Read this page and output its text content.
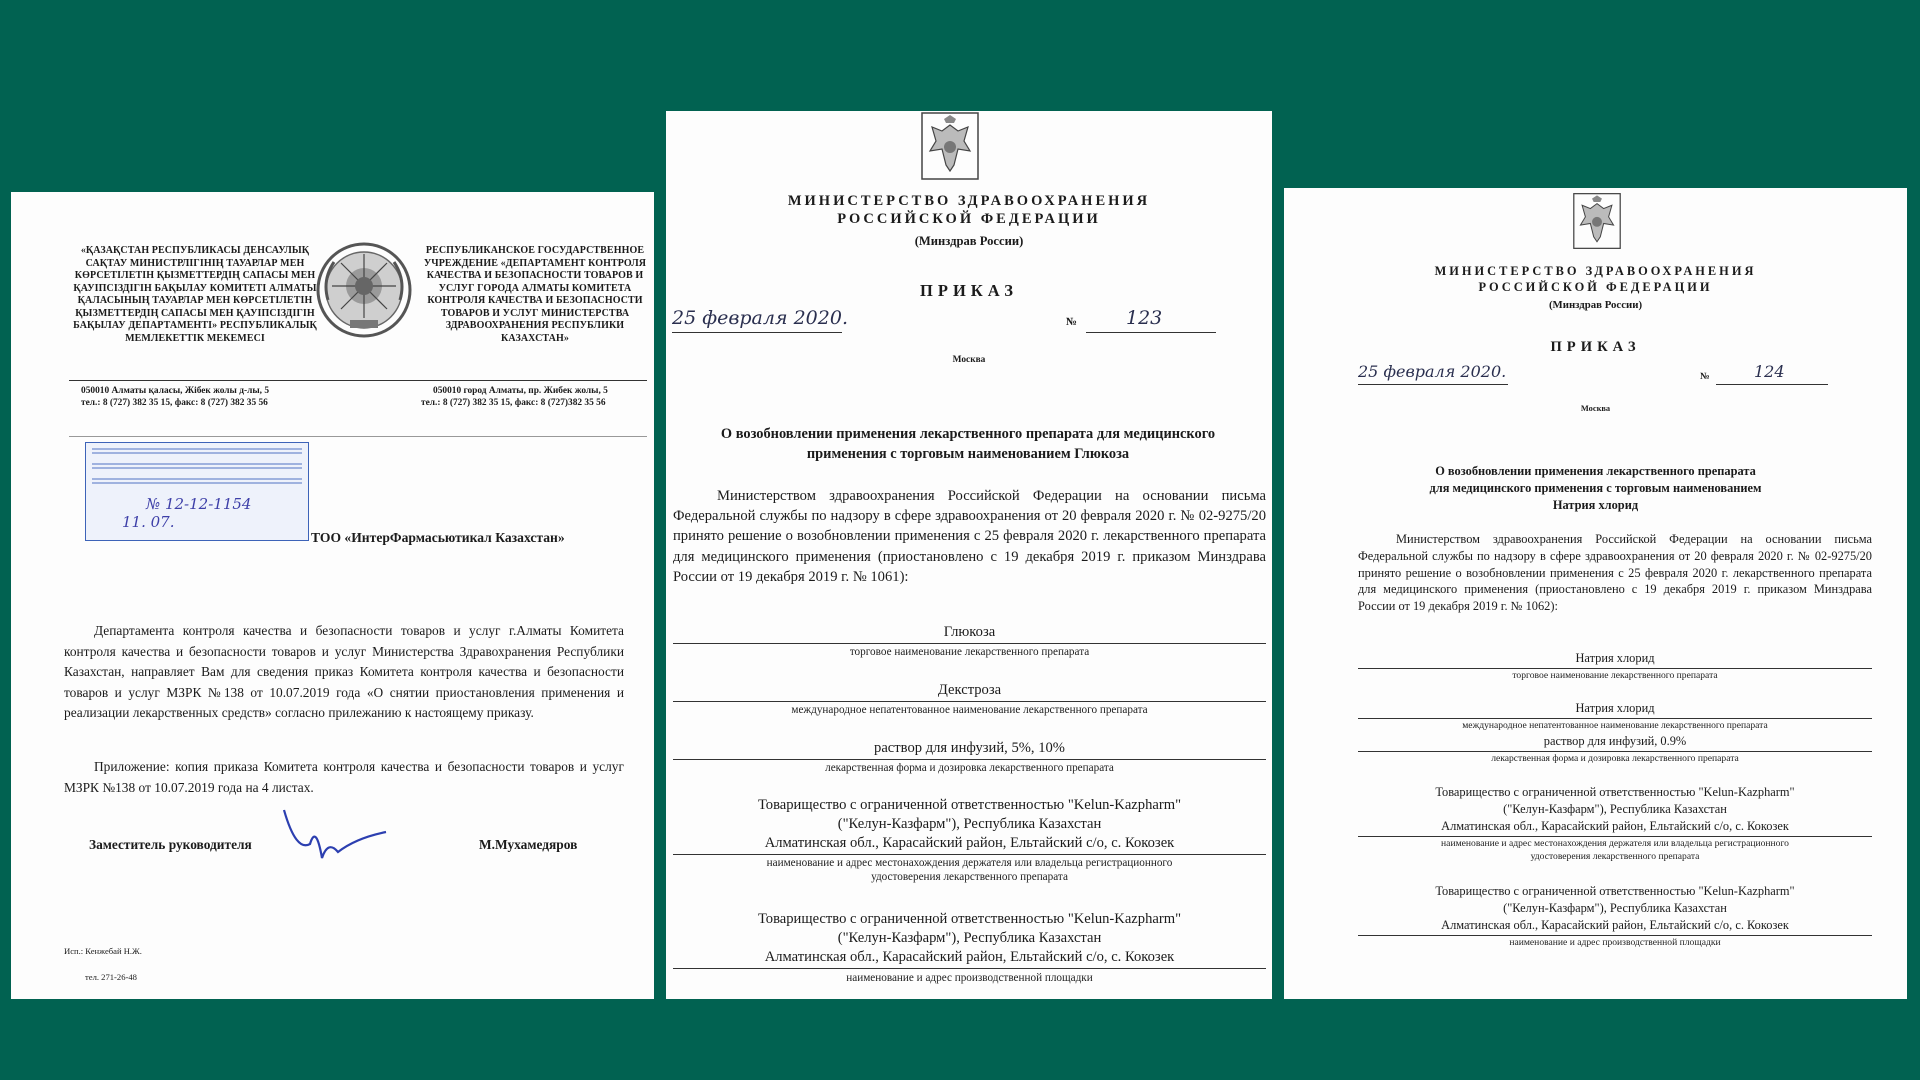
«ҚАЗАҚСТАН РЕСПУБЛИКАСЫ ДЕНСАУЛЫҚ САҚТАУ МИНИСТРЛІГІНІҢ ТАУАРЛАР МЕН КӨРСЕТІЛЕТІН ҚЫЗМЕТТЕРДІҢ САПАСЫ МЕН ҚАУІПСІЗДІГІН БАҚЫЛАУ КОМИТЕТІ АЛМАТЫ ҚАЛАСЫНЫҢ ТАУАРЛАР МЕН КӨРСЕТІЛЕТІН ҚЫЗМЕТТЕРДІҢ САПАСЫ МЕН ҚАУІПСІЗДІГІН БАҚЫЛАУ ДЕПАРТАМЕНТІ» РЕСПУБЛИКАЛЫҚ МЕМЛЕКЕТТІК МЕКЕМЕСІ
РЕСПУБЛИКАНСКОЕ ГОСУДАРСТВЕННОЕ УЧРЕЖДЕНИЕ «ДЕПАРТАМЕНТ КОНТРОЛЯ КАЧЕСТВА И БЕЗОПАСНОСТИ ТОВАРОВ И УСЛУГ ГОРОДА АЛМАТЫ КОМИТЕТА КОНТРОЛЯ КАЧЕСТВА И БЕЗОПАСНОСТИ ТОВАРОВ И УСЛУГ МИНИСТЕРСТВА ЗДРАВООХРАНЕНИЯ РЕСПУБЛИКИ КАЗАХСТАН»
050010 Алматы қаласы, Жібек жолы д-лы, 5
тел.: 8 (727) 382 35 15, факс: 8 (727) 382 35 56
050010 город Алматы, пр. Жибек жолы, 5
тел.: 8 (727) 382 35 15, факс: 8 (727)382 35 56
№ 12-12-1154
11. 07.
ТОО «ИнтерФармасьютикал Казахстан»
Департамента контроля качества и безопасности товаров и услуг г.Алматы Комитета контроля качества и безопасности товаров и услуг Министерства Здравохранения Республики Казахстан, направляет Вам для сведения приказ Комитета контроля качества и безопасности товаров и услуг МЗРК №138 от 10.07.2019 года «О снятии приостановления применения и реализации лекарственных средств» согласно прилежанию к настоящему приказу.
Приложение: копия приказа Комитета контроля качества и безопасности товаров и услуг МЗРК №138 от 10.07.2019 года на 4 листах.
Заместитель руководителя	М.Мухамедяров
Исп.: Кенжебай Н.Ж.
тел. 271-26-48
МИНИСТЕРСТВО ЗДРАВООХРАНЕНИЯ
РОССИЙСКОЙ ФЕДЕРАЦИИ
(Минздрав России)
ПРИКАЗ
25 февраля 2020.	№	123
Москва
О возобновлении применения лекарственного препарата для медицинского применения с торговым наименованием Глюкоза
Министерством здравоохранения Российской Федерации на основании письма Федеральной службы по надзору в сфере здравоохранения от 20 февраля 2020 г. № 02-9275/20 принято решение о возобновлении применения с 25 февраля 2020 г. лекарственного препарата для медицинского применения (приостановлено с 19 декабря 2019 г. приказом Минздрава России от 19 декабря 2019 г. № 1061):
Глюкоза
торговое наименование лекарственного препарата
Декстроза
международное непатентованное наименование лекарственного препарата
раствор для инфузий, 5%, 10%
лекарственная форма и дозировка лекарственного препарата
Товарищество с ограниченной ответственностью "Kelun-Kazpharm"
("Келун-Казфарм"), Республика Казахстан
Алматинская обл., Карасайский район, Ельтайский с/о, с. Кокозек
наименование и адрес местонахождения держателя или владельца регистрационного
удостоверения лекарственного препарата
Товарищество с ограниченной ответственностью "Kelun-Kazpharm"
("Келун-Казфарм"), Республика Казахстан
Алматинская обл., Карасайский район, Ельтайский с/о, с. Кокозек
наименование и адрес производственной площадки
МИНИСТЕРСТВО ЗДРАВООХРАНЕНИЯ
РОССИЙСКОЙ ФЕДЕРАЦИИ
(Минздрав России)
ПРИКАЗ
25 февраля 2020.	№	124
Москва
О возобновлении применения лекарственного препарата
для медицинского применения с торговым наименованием
Натрия хлорид
Министерством здравоохранения Российской Федерации на основании письма Федеральной службы по надзору в сфере здравоохранения от 20 февраля 2020 г. № 02-9275/20 принято решение о возобновлении применения с 25 февраля 2020 г. лекарственного препарата для медицинского применения (приостановлено с 19 декабря 2019 г. приказом Минздрава России от 19 декабря 2019 г. № 1062):
Натрия хлорид
торговое наименование лекарственного препарата
Натрия хлорид
международное непатентованное наименование лекарственного препарата
раствор для инфузий, 0.9%
лекарственная форма и дозировка лекарственного препарата
Товарищество с ограниченной ответственностью "Kelun-Kazpharm"
("Келун-Казфарм"), Республика Казахстан
Алматинская обл., Карасайский район, Ельтайский с/о, с. Кокозек
наименование и адрес местонахождения держателя или владельца регистрационного
удостоверения лекарственного препарата
Товарищество с ограниченной ответственностью "Kelun-Kazpharm"
("Келун-Казфарм"), Республика Казахстан
Алматинская обл., Карасайский район, Ельтайский с/о, с. Кокозек
наименование и адрес производственной площадки
